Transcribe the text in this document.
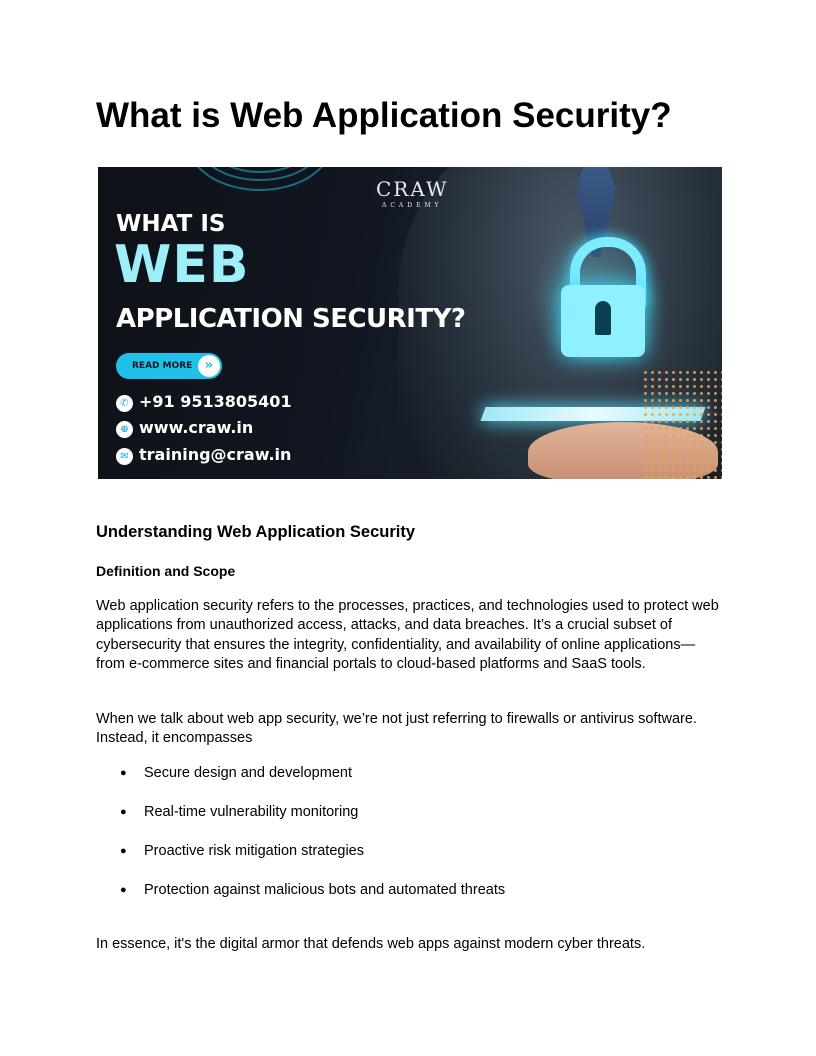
What is Web Application Security?
CRAW
ACADEMY
WHAT IS
WEB
APPLICATION SECURITY?
READ MORE »
✆ +91 9513805401
⊕ www.craw.in
✉ training@craw.in
Understanding Web Application Security
Definition and Scope

Web application security refers to the processes, practices, and technologies used to protect web applications from unauthorized access, attacks, and data breaches. It’s a crucial subset of cybersecurity that ensures the integrity, confidentiality, and availability of online applications—from e-commerce sites and financial portals to cloud-based platforms and SaaS tools.

When we talk about web app security, we’re not just referring to firewalls or antivirus software. Instead, it encompasses

● Secure design and development
● Real-time vulnerability monitoring
● Proactive risk mitigation strategies
● Protection against malicious bots and automated threats

In essence, it's the digital armor that defends web apps against modern cyber threats.
